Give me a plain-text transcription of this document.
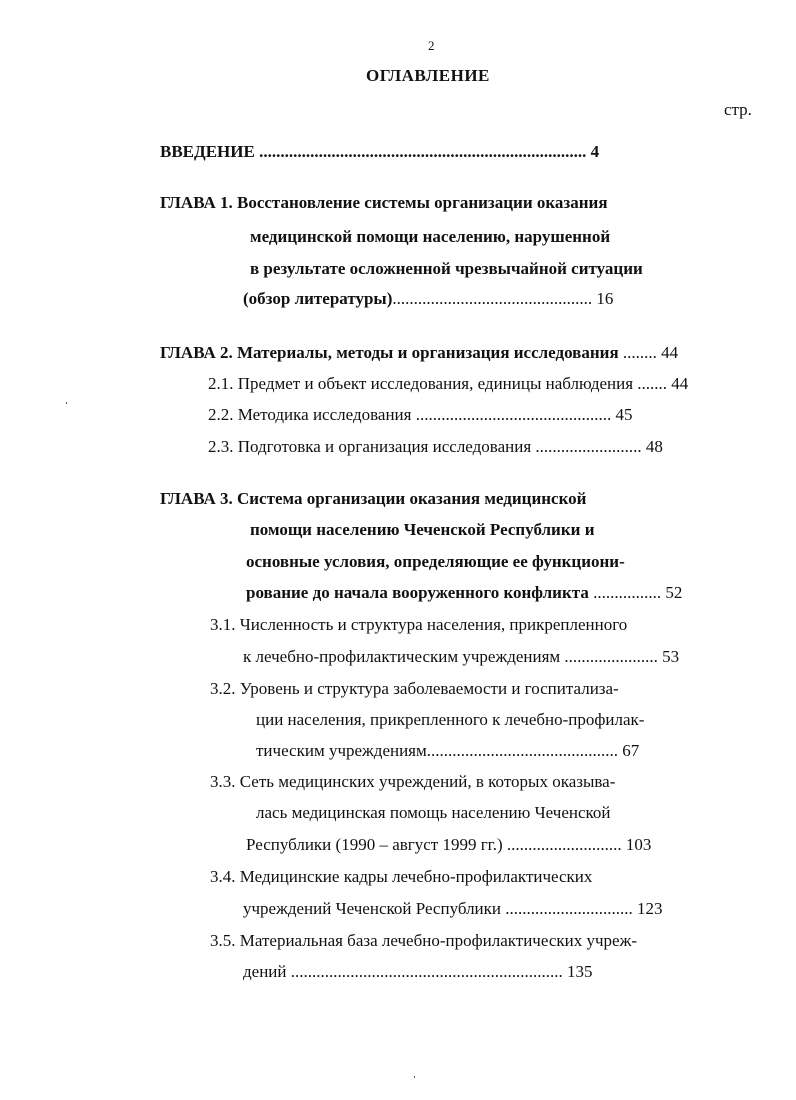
2
ОГЛАВЛЕНИЕ
стр.
ВВЕДЕНИЕ ............................................................................. 4
ГЛАВА 1. Восстановление системы организации оказания
медицинской помощи населению, нарушенной
в результате осложненной чрезвычайной ситуации
(обзор литературы)............................................... 16
ГЛАВА 2. Материалы, методы и организация исследования ........ 44
2.1. Предмет и объект исследования, единицы наблюдения ....... 44
2.2. Методика исследования .............................................. 45
2.3. Подготовка и организация исследования ......................... 48
ГЛАВА 3. Система организации оказания медицинской
помощи населению Чеченской Республики и
основные условия, определяющие ее функциони-
рование до начала вооруженного конфликта ................ 52
3.1. Численность и структура населения, прикрепленного
к лечебно-профилактическим учреждениям ...................... 53
3.2. Уровень и структура заболеваемости и госпитализа-
ции населения, прикрепленного к лечебно-профилак-
тическим учреждениям............................................. 67
3.3. Сеть медицинских учреждений, в которых оказыва-
лась медицинская помощь населению Чеченской
Республики (1990 – август 1999 гг.) ........................... 103
3.4. Медицинские кадры лечебно-профилактических
учреждений Чеченской Республики .............................. 123
3.5. Материальная база лечебно-профилактических учреж-
дений ................................................................ 135
